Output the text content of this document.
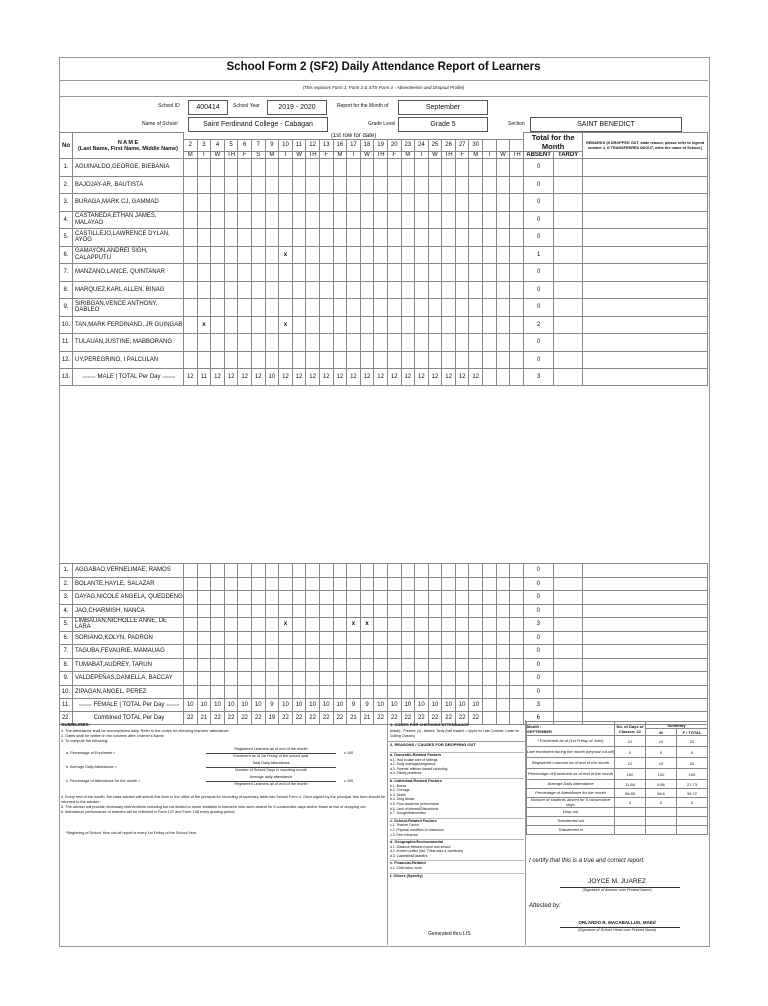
School Form 2 (SF2) Daily Attendance Report of Learners
(This replaces Form 1, Form 2 & STS Form 4 - Absenteeism and Dropout Profile)
School ID	400414	School Year	2019 - 2020	Report for the Month of	September
Name of School	Saint Ferdinand College - Cabagan	Grade Level	Grade 5	Section	SAINT BENEDICT
No	N A M E
(Last Name, First Name, Middle Name)	(1st row for date)																									Total for the Month		REMARKS (If DROPPED OUT, state reason, please refer to legend number 2. If TRANSFERRED IN/OUT, write the name of School.)
		2	3	4	5	6	7	9	10	11	12	13	16	17	18	19	20	23	24	25	26	27	30						
		M	T	W	TH	F	S	M	T	W	TH	F	M	T	W	TH	F	M	T	W	TH	F	M	T	W	TH	ABSENT	TARDY	
1.	AGUINALDO,GEORGE, BIEBANIA																										0		
2.	BAJOJAY-AR, BAUTISTA																										0		
3.	BURAGA,MARK CJ, GAMMAD																										0		
4.	CASTANEDA,ETHAN JAMES, MALAYAO																										0		
5.	CASTILLEJO,LAWRENCE DYLAN, AYOG																										0		
6.	GAMAYON,ANDREI SIGH, CALAPPUTU								x																		1		
7.	MANZANO,LANCE, QUINTANAR																										0		
8.	MARQUEZ,KARL ALLEN, BINAG																										0		
9.	SIRIBGAN,VENCE ANTHONY, DABLEO																										0		
10.	TAN,MARK FERDINAND, JR GUINGAB		x						x																		2		
11.	TULAUAN,JUSTINE, MABBORANG																										0		
12.	UY,PEREGRINO, I PALCULAN																										0		
13.	<===== MALE | TOTAL Per Day =====>	12	11	12	12	12	12	10	12	12	12	12	12	12	12	12	12	12	12	12	12	12	12				3		
1.	AGGABAO,VERNELIMAE, RAMOS																										0		
2.	BOLANTE,HAYLE, SALAZAR																										0		
3.	DAYAG,NICOLE ANGELA, QUEDDENG																										0		
4.	JAO,CHARMISH, NANCA																										0		
5.	LIMBAUAN,NICHOLLE ANNE, DE LARA								x					x	x												3		
6.	SORIANO,KOLYN, PADRON																										0		
7.	TAGUBA,FEVAURIE, MAMAUAG																										0		
8.	TUMABAT,AUDREY, TARUN																										0		
9.	VALDEPEÑAS,DANIELLA, BACCAY																										0		
10.	ZIPAGAN,ANGEL, PEREZ																										0		
11.	<===== FEMALE | TOTAL Per Day =====>	10	10	10	10	10	10	9	10	10	10	10	10	9	9	10	10	10	10	10	10	10	10				3		
22.	Combined TOTAL Per Day	22	21	22	22	22	22	19	22	22	22	22	22	21	21	22	22	22	22	22	22	22	22				6		
GUIDELINES:
1. The attendance shall be accomplished daily. Refer to the codes for checking learners' attendance.
2. Dates shall be written in the columns after Learner's Name.
3. To compute the following:
a. Percentage of Enrolment =
Registered Learners as of end of the month
Enrolment as of 1st Friday of the school year
x 100
b. Average Daily Attendance =
Total Daily Attendance
Number of School Days in reporting month
c. Percentage of Attendance for the month =
Average daily attendance
Registered Learners as of end of the month
x 100
4. Every end of the month, the class adviser will submit this form to the office of the principal for recording of summary table into School Form 4. Once signed by the principal, this form should be returned to the adviser.
5. The adviser will provide necessary interventions including but not limited to home visitation to learner/s who were absent for 5 consecutive days and/or those at risk of dropping out.
6. Attendance performance of learners will be reflected in Form 137 and Form 138 every grading period.
*Beginning of School Year cut-off report is every 1st Friday of the School Year
1. CODES FOR CHECKING ATTENDANCE
(blank) - Present; (x) - Absent; Tardy (half shaded = Upper for Late Commer, Lower for Cutting Classes)
2. REASONS / CAUSES FOR DROPPING OUT
a. Domestic-Related Factors
a.1. Had to take care of siblings
a.2. Early marriage/pregnancy
a.3. Parents' attitude toward schooling
a.4. Family problems
b. Individual-Related Factors
b.1. Illness
b.2. Overage
b.3. Death
b.4. Drug Abuse
b.5. Poor academic performance
b.6. Lack of interest/Distractions
b.7. Hunger/Malnutrition
c. School-Related Factors
c.1. Teacher Factor
c.2. Physical condition of classroom
c.3. Peer influence
d. Geographic/Environmental
d.1. Distance between home and school
d.2. Armed conflict (incl. Tribal wars & clanfeuds)
d.3. Calamities/Disasters
e. Financial-Related
e.1. Child labor, work
f. Others (Specify)
Generated thru LIS
Month :
SEPTEMBER	No. of Days of Classes: 22	Summary	
		M	F / TOTAL
* Enrolment as of (1st Friday of June)	12	10	22
Late enrolment during the month (beyond cut-off)	0	0	0
Registered Learners as of end of the month	12	10	22
Percentage of Enrolment as of end of the month	100	100	100
Average Daily Attendance	11.86	9.86	21.73
Percentage of Attendance for the month	98.85	98.6	98.72
Number of students absent for 5 consecutive days	0	0	0
Drop out			
Transferred out			
Transferred in			
I certify that this is a true and correct report.
JOYCE M. JUAREZ
(Signature of Adviser over Printed Name)
Attested by:
ORLANDO R. MACABALLUG, MAEd
(Signature of School Head over Printed Name)
